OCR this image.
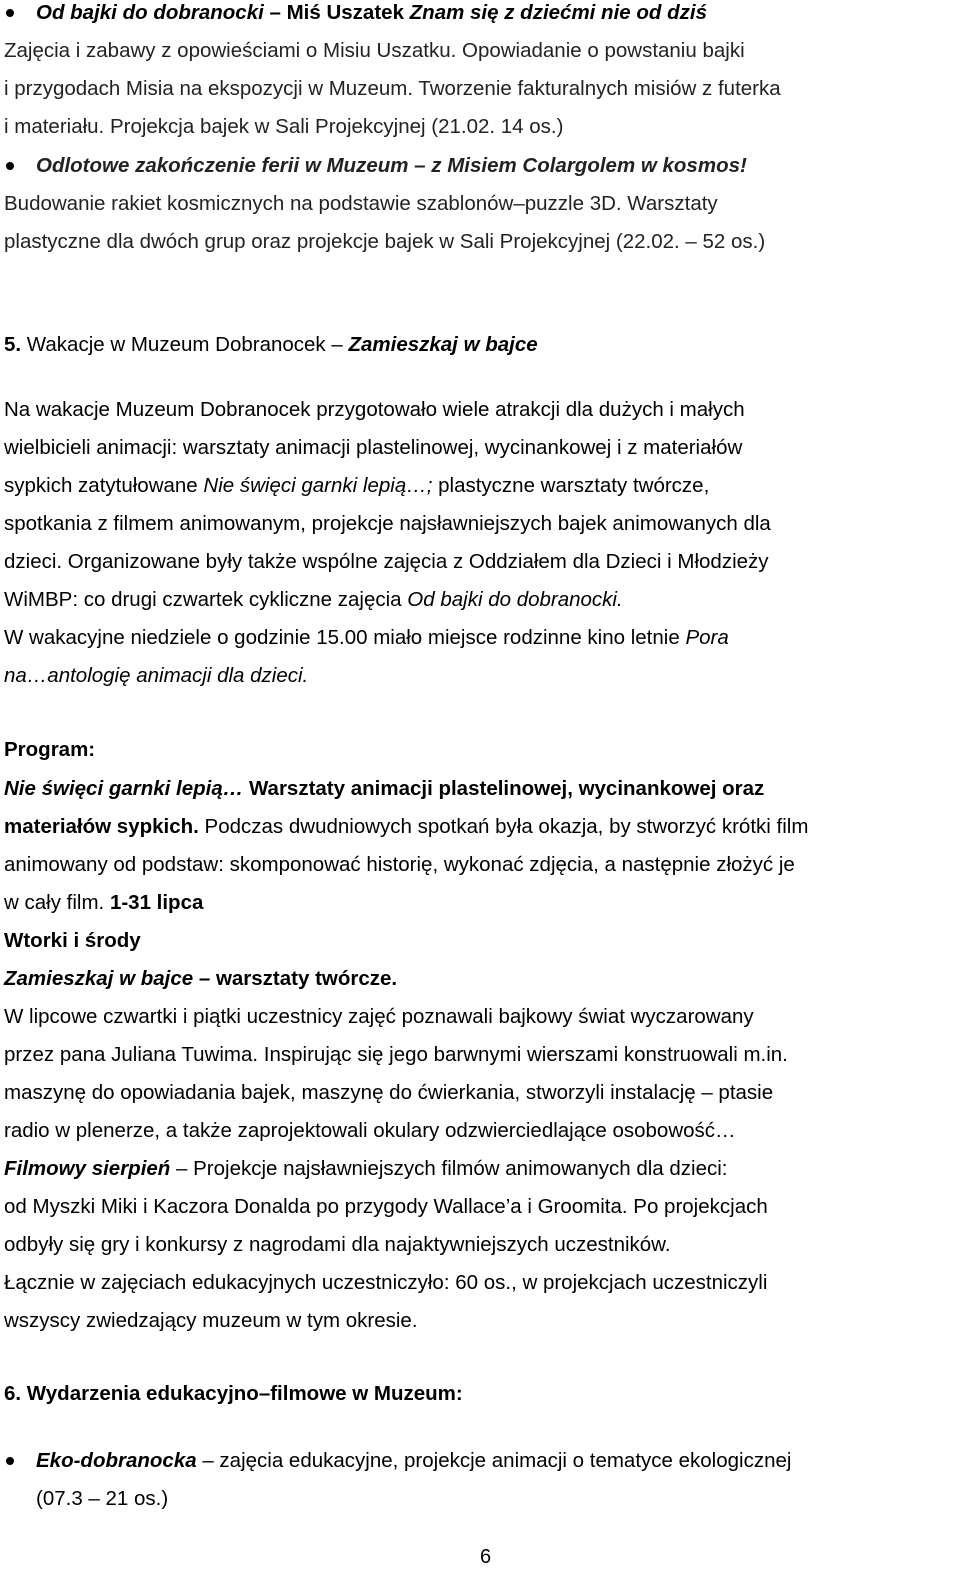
Od bajki do dobranocki – Miś Uszatek Znam się z dziećmi nie od dziś
Zajęcia i zabawy z opowieściami o Misiu Uszatku. Opowiadanie o powstaniu bajki
i przygodach Misia na ekspozycji w Muzeum. Tworzenie fakturalnych misiów z futerka
i materiału. Projekcja bajek w Sali Projekcyjnej (21.02. 14 os.)
Odlotowe zakończenie ferii w Muzeum – z Misiem Colargolem w kosmos!
Budowanie rakiet kosmicznych na podstawie szablonów–puzzle 3D. Warsztaty
plastyczne dla dwóch grup oraz projekcje bajek w Sali Projekcyjnej (22.02. – 52 os.)
5. Wakacje w Muzeum Dobranocek – Zamieszkaj w bajce
Na wakacje Muzeum Dobranocek przygotowało wiele atrakcji dla dużych i małych
wielbicieli animacji: warsztaty animacji plastelinowej, wycinankowej i z materiałów
sypkich zatytułowane Nie święci garnki lepią…; plastyczne warsztaty twórcze,
spotkania z filmem animowanym, projekcje najsławniejszych bajek animowanych dla
dzieci. Organizowane były także wspólne zajęcia z Oddziałem dla Dzieci i Młodzieży
WiMBP: co drugi czwartek cykliczne zajęcia Od bajki do dobranocki.
W wakacyjne niedziele o godzinie 15.00 miało miejsce rodzinne kino letnie Pora
na…antologię animacji dla dzieci.
Program:
Nie święci garnki lepią… Warsztaty animacji plastelinowej, wycinankowej oraz
materiałów sypkich. Podczas dwudniowych spotkań była okazja, by stworzyć krótki film
animowany od podstaw: skomponować historię, wykonać zdjęcia, a następnie złożyć je
w cały film. 1-31 lipca
Wtorki i środy
Zamieszkaj w bajce – warsztaty twórcze.
W lipcowe czwartki i piątki uczestnicy zajęć poznawali bajkowy świat wyczarowany
przez pana Juliana Tuwima. Inspirując się jego barwnymi wierszami konstruowali m.in.
maszynę do opowiadania bajek, maszynę do ćwierkania, stworzyli instalację – ptasie
radio w plenerze, a także zaprojektowali okulary odzwierciedlające osobowość…
Filmowy sierpień – Projekcje najsławniejszych filmów animowanych dla dzieci:
od Myszki Miki i Kaczora Donalda po przygody Wallace’a i Groomita. Po projekcjach
odbyły się gry i konkursy z nagrodami dla najaktywniejszych uczestników.
Łącznie w zajęciach edukacyjnych uczestniczyło: 60 os., w projekcjach uczestniczyli
wszyscy zwiedzający muzeum w tym okresie.
6. Wydarzenia edukacyjno–filmowe w Muzeum:
Eko-dobranocka – zajęcia edukacyjne, projekcje animacji o tematyce ekologicznej
(07.3 – 21 os.)
6
